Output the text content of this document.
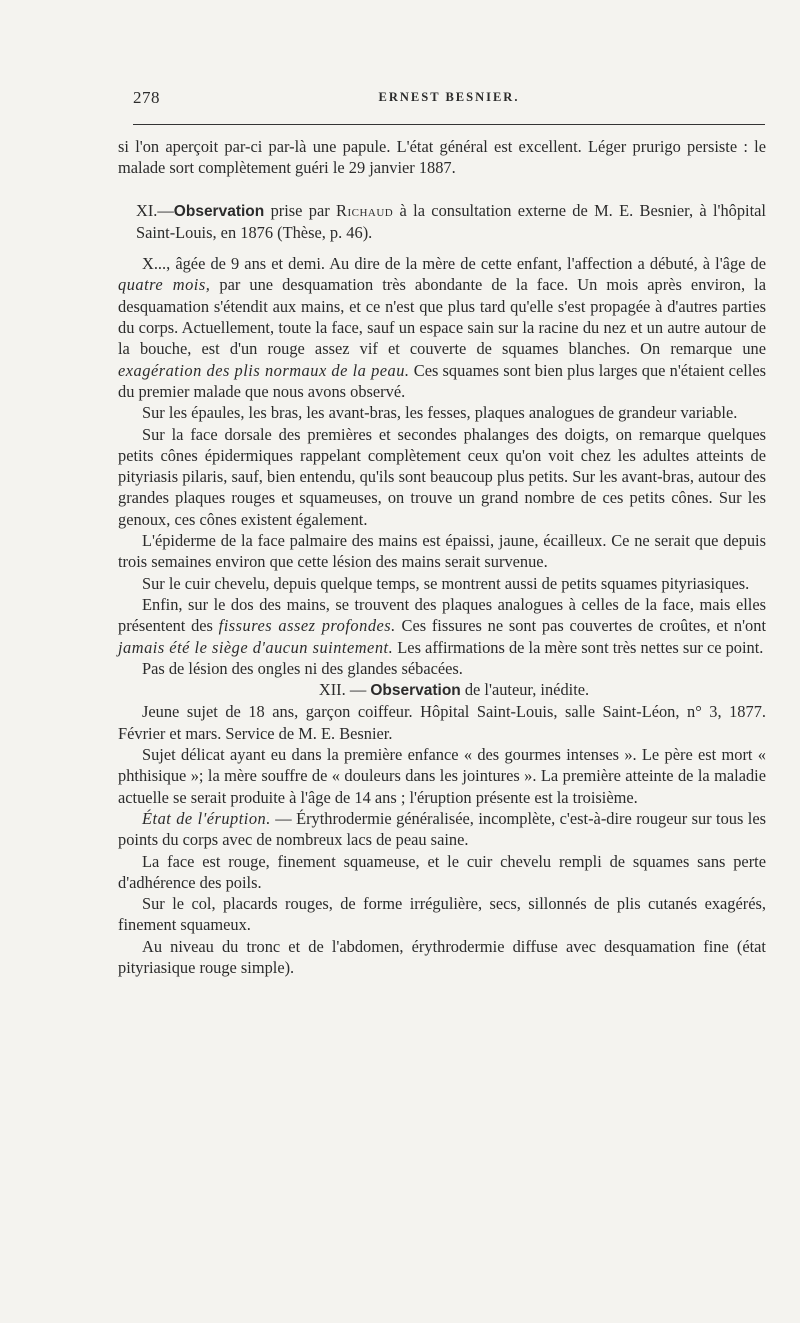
278	ERNEST BESNIER.

si l'on aperçoit par-ci par-là une papule. L'état général est excellent. Léger prurigo persiste : le malade sort complètement guéri le 29 janvier 1887.

XI.—Observation prise par Richaud à la consultation externe de M. E. Besnier, à l'hôpital Saint-Louis, en 1876 (Thèse, p. 46).

X..., âgée de 9 ans et demi. Au dire de la mère de cette enfant, l'affection a débuté, à l'âge de quatre mois, par une desquamation très abondante de la face. Un mois après environ, la desquamation s'étendit aux mains, et ce n'est que plus tard qu'elle s'est propagée à d'autres parties du corps. Actuellement, toute la face, sauf un espace sain sur la racine du nez et un autre autour de la bouche, est d'un rouge assez vif et couverte de squames blanches. On remarque une exagération des plis normaux de la peau. Ces squames sont bien plus larges que n'étaient celles du premier malade que nous avons observé.

Sur les épaules, les bras, les avant-bras, les fesses, plaques analogues de grandeur variable.

Sur la face dorsale des premières et secondes phalanges des doigts, on remarque quelques petits cônes épidermiques rappelant complètement ceux qu'on voit chez les adultes atteints de pityriasis pilaris, sauf, bien entendu, qu'ils sont beaucoup plus petits. Sur les avant-bras, autour des grandes plaques rouges et squameuses, on trouve un grand nombre de ces petits cônes. Sur les genoux, ces cônes existent également.

L'épiderme de la face palmaire des mains est épaissi, jaune, écailleux. Ce ne serait que depuis trois semaines environ que cette lésion des mains serait survenue.

Sur le cuir chevelu, depuis quelque temps, se montrent aussi de petits squames pityriasiques.

Enfin, sur le dos des mains, se trouvent des plaques analogues à celles de la face, mais elles présentent des fissures assez profondes. Ces fissures ne sont pas couvertes de croûtes, et n'ont jamais été le siège d'aucun suintement. Les affirmations de la mère sont très nettes sur ce point.

Pas de lésion des ongles ni des glandes sébacées.

XII. — Observation de l'auteur, inédite.

Jeune sujet de 18 ans, garçon coiffeur. Hôpital Saint-Louis, salle Saint-Léon, n° 3, 1877. Février et mars. Service de M. E. Besnier.

Sujet délicat ayant eu dans la première enfance « des gourmes intenses ». Le père est mort « phthisique »; la mère souffre de « douleurs dans les jointures ». La première atteinte de la maladie actuelle se serait produite à l'âge de 14 ans ; l'éruption présente est la troisième.

État de l'éruption. — Érythrodermie généralisée, incomplète, c'est-à-dire rougeur sur tous les points du corps avec de nombreux lacs de peau saine.

La face est rouge, finement squameuse, et le cuir chevelu rempli de squames sans perte d'adhérence des poils.

Sur le col, placards rouges, de forme irrégulière, secs, sillonnés de plis cutanés exagérés, finement squameux.

Au niveau du tronc et de l'abdomen, érythrodermie diffuse avec desquamation fine (état pityriasique rouge simple).
